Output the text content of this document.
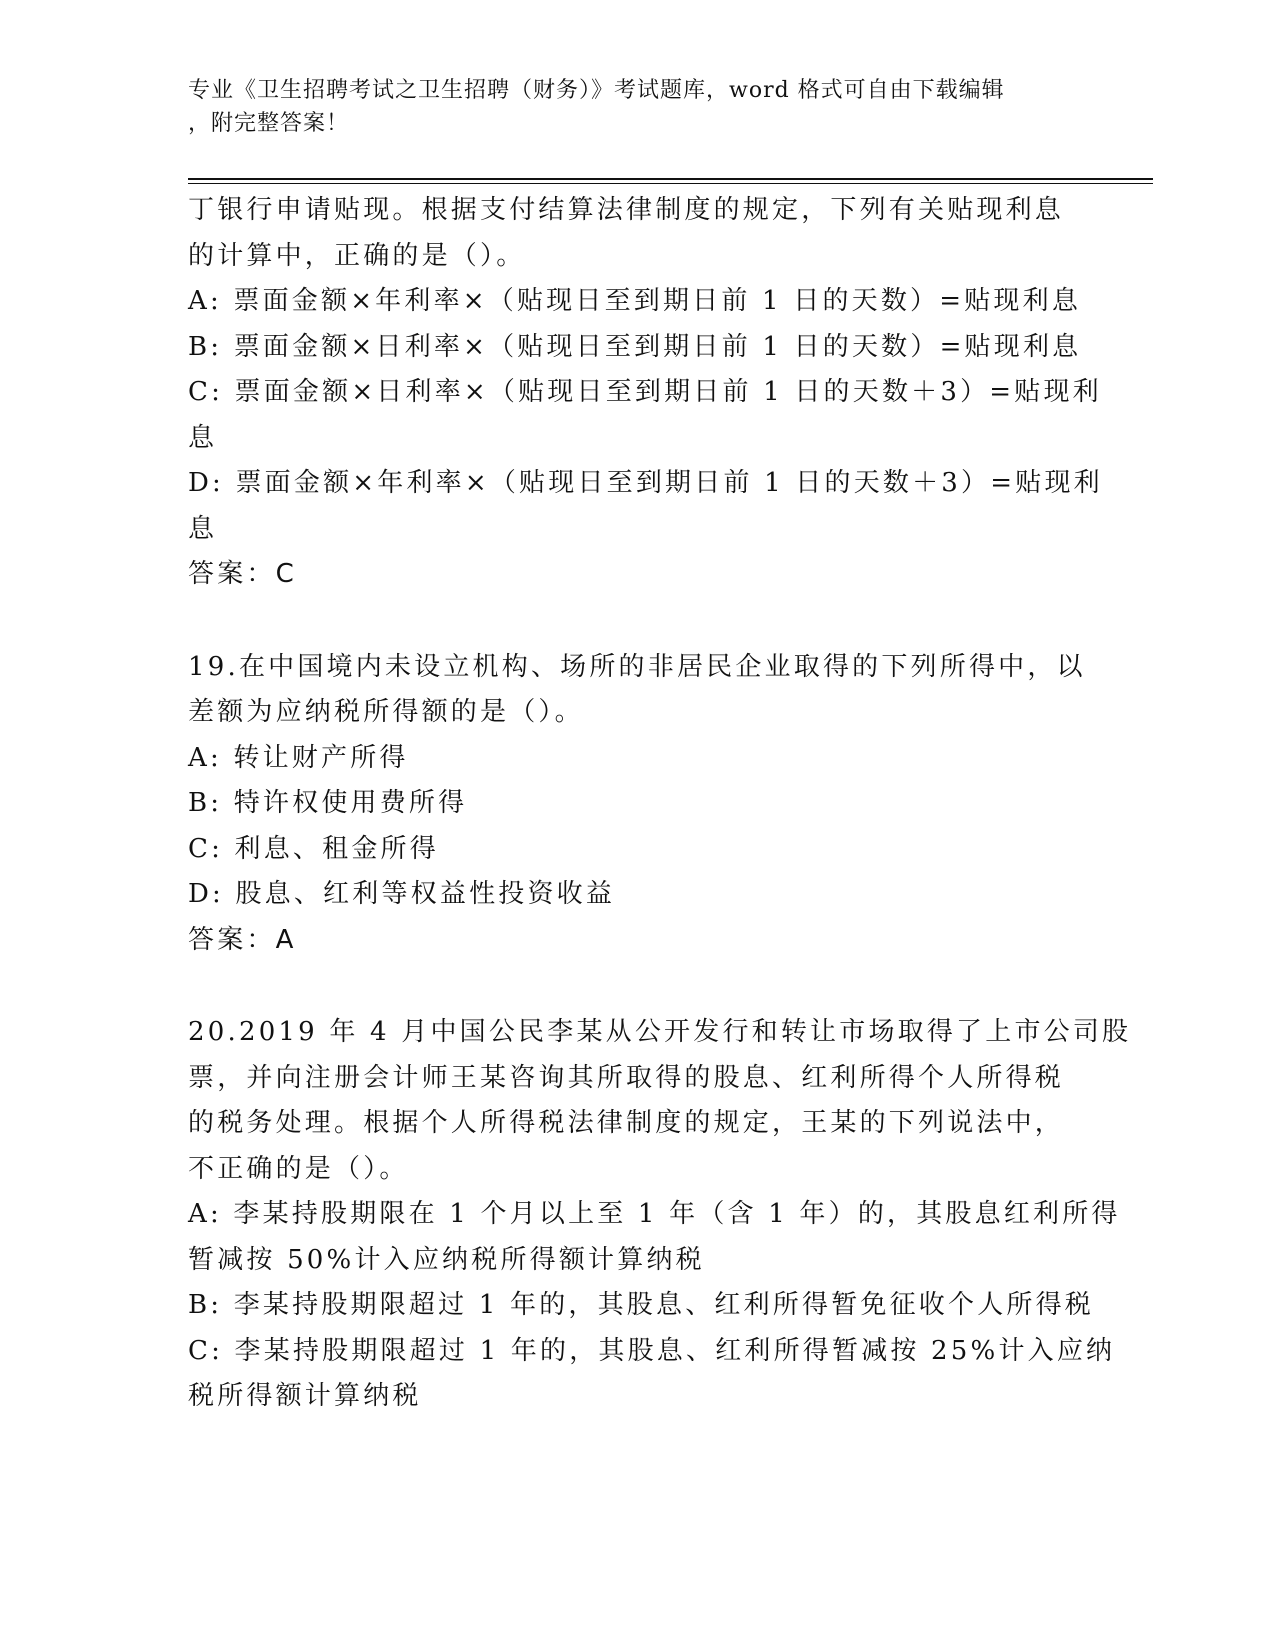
专业《卫生招聘考试之卫生招聘（财务）》考试题库，word 格式可自由下载编辑
，附完整答案！

丁银行申请贴现。根据支付结算法律制度的规定，下列有关贴现利息

的计算中，正确的是（）。

A: 票面金额×年利率×（贴现日至到期日前 1 日的天数）=贴现利息

B: 票面金额×日利率×（贴现日至到期日前 1 日的天数）=贴现利息

C: 票面金额×日利率×（贴现日至到期日前 1 日的天数＋3）=贴现利

息

D: 票面金额×年利率×（贴现日至到期日前 1 日的天数＋3）=贴现利

息

答案：C

19.在中国境内未设立机构、场所的非居民企业取得的下列所得中，以

差额为应纳税所得额的是（）。

A: 转让财产所得

B: 特许权使用费所得

C: 利息、租金所得

D: 股息、红利等权益性投资收益

答案：A

20.2019 年 4 月中国公民李某从公开发行和转让市场取得了上市公司股

票，并向注册会计师王某咨询其所取得的股息、红利所得个人所得税

的税务处理。根据个人所得税法律制度的规定，王某的下列说法中，

不正确的是（）。

A: 李某持股期限在 1 个月以上至 1 年（含 1 年）的，其股息红利所得

暂减按 50%计入应纳税所得额计算纳税

B: 李某持股期限超过 1 年的，其股息、红利所得暂免征收个人所得税

C: 李某持股期限超过 1 年的，其股息、红利所得暂减按 25%计入应纳

税所得额计算纳税
